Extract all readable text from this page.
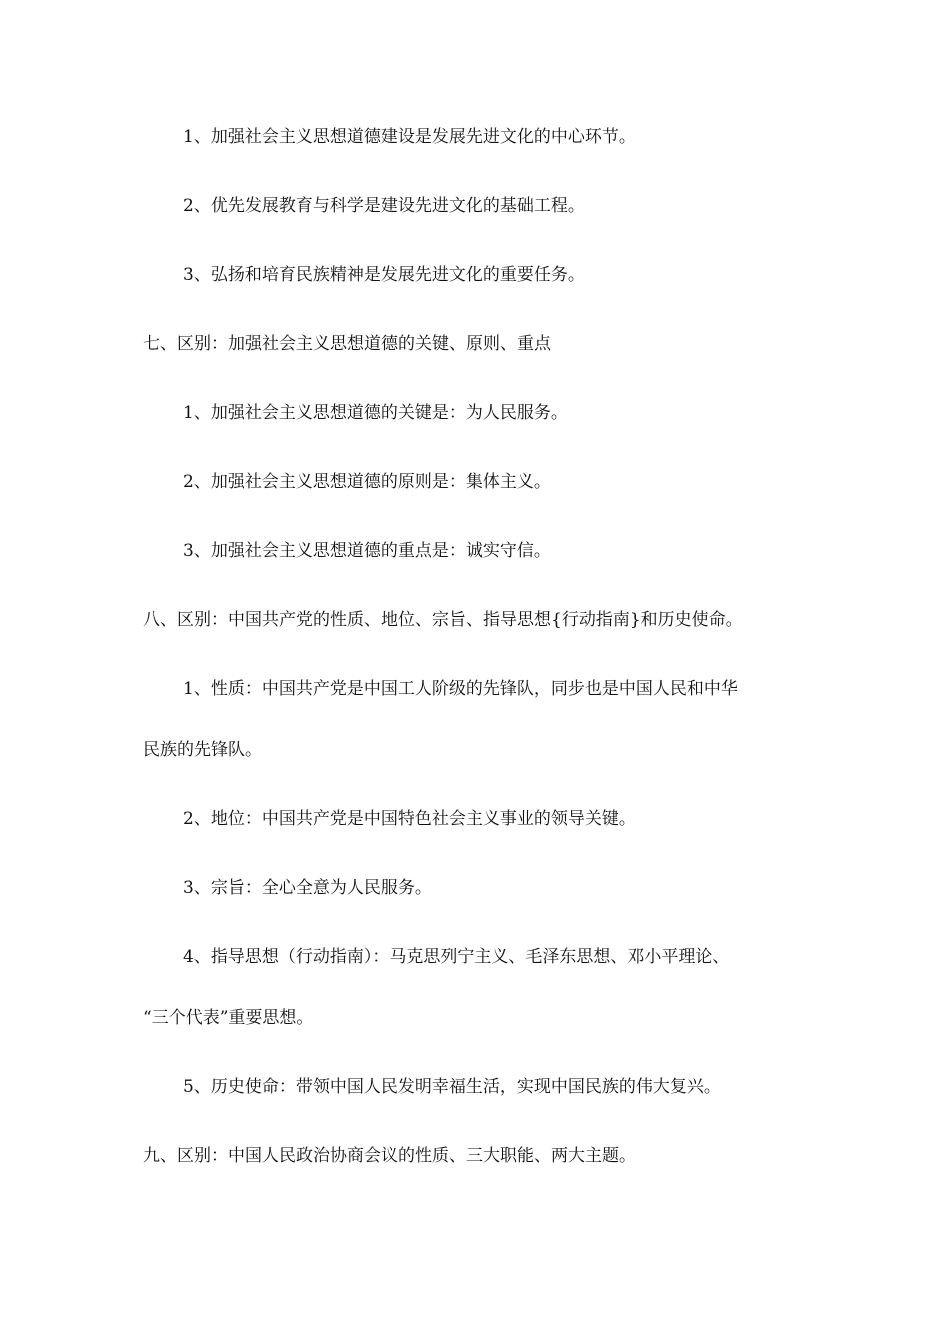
1、加强社会主义思想道德建设是发展先进文化的中心环节。

2、优先发展教育与科学是建设先进文化的基础工程。

3、弘扬和培育民族精神是发展先进文化的重要任务。

七、区别：加强社会主义思想道德的关键、原则、重点

1、加强社会主义思想道德的关键是：为人民服务。

2、加强社会主义思想道德的原则是：集体主义。

3、加强社会主义思想道德的重点是：诚实守信。

八、区别：中国共产党的性质、地位、宗旨、指导思想{行动指南}和历史使命。

1、性质：中国共产党是中国工人阶级的先锋队，同步也是中国人民和中华

民族的先锋队。

2、地位：中国共产党是中国特色社会主义事业的领导关键。

3、宗旨：全心全意为人民服务。

4、指导思想（行动指南）：马克思列宁主义、毛泽东思想、邓小平理论、

“三个代表”重要思想。

5、历史使命：带领中国人民发明幸福生活，实现中国民族的伟大复兴。

九、区别：中国人民政治协商会议的性质、三大职能、两大主题。
